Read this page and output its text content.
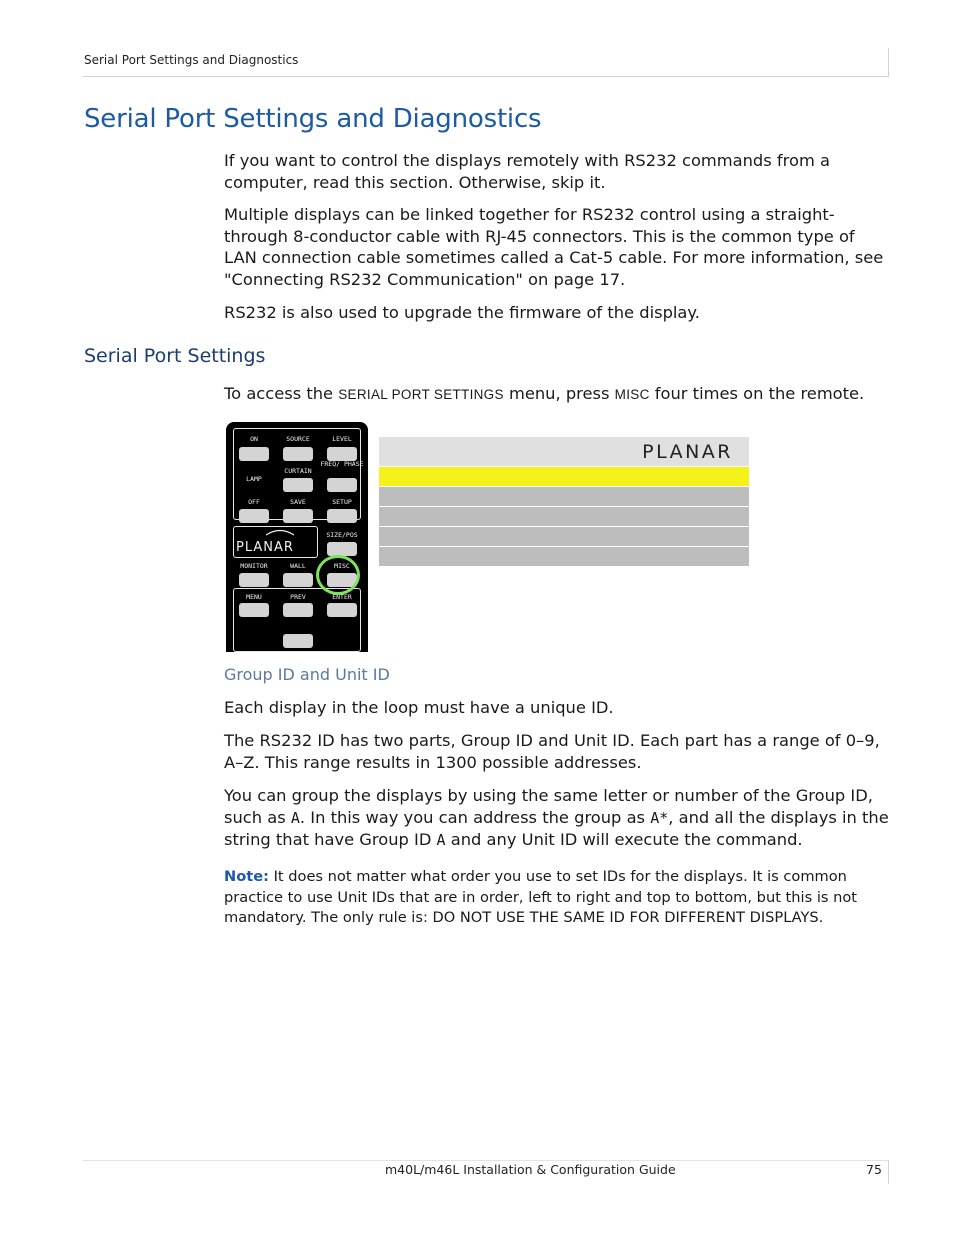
Serial Port Settings and Diagnostics
Serial Port Settings and Diagnostics

If you want to control the displays remotely with RS232 commands from a computer, read this section. Otherwise, skip it.

Multiple displays can be linked together for RS232 control using a straight-through 8-conductor cable with RJ-45 connectors. This is the common type of LAN connection cable sometimes called a Cat-5 cable. For more information, see "Connecting RS232 Communication" on page 17.

RS232 is also used to upgrade the firmware of the display.

Serial Port Settings

To access the SERIAL PORT SETTINGS menu, press MISC four times on the remote.

ON	SOURCE	LEVEL
LAMP
CURTAIN
FREQ/ PHASE
OFF	SAVE	SETUP
PLANAR
SIZE/POS
MONITOR	WALL	MISC
MENU	PREV	ENTER
PLANAR
Group ID and Unit ID

Each display in the loop must have a unique ID.

The RS232 ID has two parts, Group ID and Unit ID. Each part has a range of 0–9, A–Z. This range results in 1300 possible addresses.

You can group the displays by using the same letter or number of the Group ID, such as A. In this way you can address the group as A*, and all the displays in the string that have Group ID A and any Unit ID will execute the command.

Note: It does not matter what order you use to set IDs for the displays. It is common practice to use Unit IDs that are in order, left to right and top to bottom, but this is not mandatory. The only rule is: DO NOT USE THE SAME ID FOR DIFFERENT DISPLAYS.

m40L/m46L Installation & Configuration Guide	75
